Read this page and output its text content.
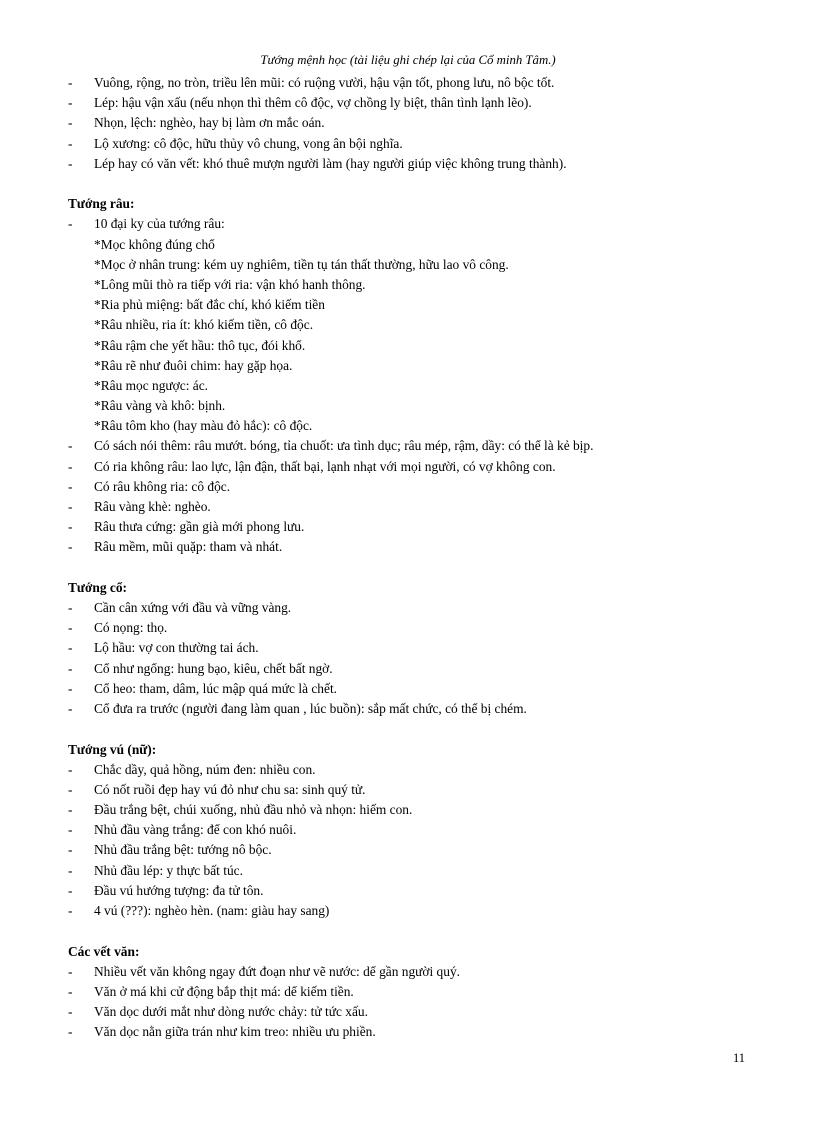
Tướng mệnh học (tài liệu ghi chép lại của Cổ minh Tâm.)
-	Vuông, rộng, no tròn, triều lên mũi: có ruộng vười, hậu vận tốt, phong lưu, nô bộc tốt.
-	Lép: hậu vận xấu (nếu nhọn thì thêm cô độc, vợ chồng ly biệt, thân tình lạnh lẽo).
-	Nhọn, lệch: nghèo, hay bị làm ơn mắc oán.
-	Lộ xương: cô độc, hữu thủy vô chung, vong ân bội nghĩa.
-	Lép hay có văn vết: khó thuê mượn người làm (hay người giúp việc không trung thành).
Tướng râu:
-	10 đại ky của tướng râu:
*Mọc không đúng chổ
*Mọc ở nhân trung: kém uy nghiêm, tiền tụ tán thất thường, hữu lao vô công.
*Lông mũi thò ra tiếp với ria: vận khó hanh thông.
*Ria phủ miệng: bất đắc chí, khó kiếm tiền
*Râu nhiều, ria ít: khó kiếm tiền, cô độc.
*Râu rậm che yết hầu: thô tục, đói khổ.
*Râu rẽ như đuôi chim: hay gặp họa.
*Râu mọc ngược: ác.
*Râu vàng và khô: bịnh.
*Râu tôm kho (hay màu đỏ hắc): cô độc.
-	Có sách nói thêm: râu mướt. bóng, tỉa chuốt: ưa tình dục; râu mép, rậm, dầy: có thể là kẻ bịp.
-	Có ria không râu: lao lực, lận đận, thất bại, lạnh nhạt với mọi người, có vợ không con.
-	Có râu không ria: cô độc.
-	Râu vàng khè: nghèo.
-	Râu thưa cứng: gần già mới phong lưu.
-	Râu mềm, mũi quặp: tham và nhát.
Tướng cổ:
-	Cần cân xứng với đầu và vững vàng.
-	Có nọng: thọ.
-	Lộ hầu: vợ con thường tai ách.
-	Cổ như ngổng: hung bạo, kiêu, chết bất ngờ.
-	Cổ heo: tham, dâm, lúc mập quá mức là chết.
-	Cổ đưa ra trước (người đang làm quan , lúc buồn): sắp mất chức, có thể bị chém.
Tướng vú (nữ):
-	Chắc dầy, quả hồng, núm đen: nhiều con.
-	Có nốt ruồi đẹp hay vú đỏ như chu sa: sinh quý tử.
-	Đầu trắng bệt, chúi xuống, nhủ đầu nhỏ và nhọn: hiếm con.
-	Nhủ đầu vàng trắng: để con khó nuôi.
-	Nhủ đầu trắng bệt: tướng nô bộc.
-	Nhủ đầu lép: y thực bất túc.
-	Đầu vú hướng tượng: đa tử tôn.
-	4 vú (???): nghèo hèn. (nam: giàu hay sang)
Các vết văn:
-	Nhiều vết văn không ngay đứt đoạn như vẽ nước: dể gần người quý.
-	Văn ở má khi cử động bắp thịt má: dể kiếm tiền.
-	Văn dọc dưới mắt như dòng nước chảy: tử tức xấu.
-	Văn dọc nằn giữa trán như kim treo: nhiều ưu phiền.
11
